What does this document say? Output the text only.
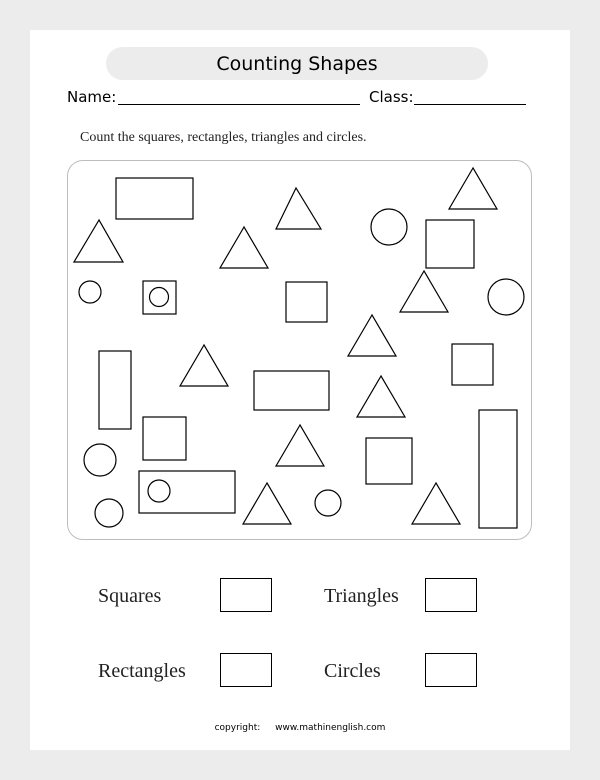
Counting Shapes
Name:	Class:
Count the squares, rectangles, triangles and circles.
Squares	Triangles
Rectangles	Circles
copyright: www.mathinenglish.com
